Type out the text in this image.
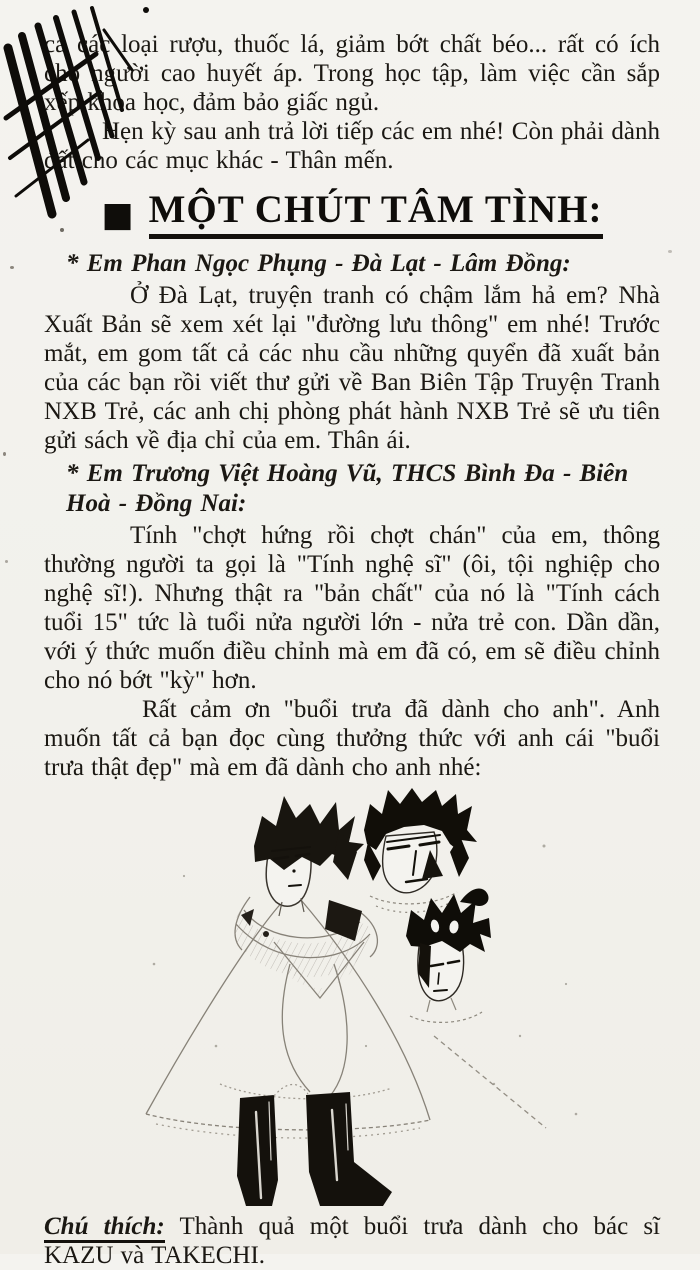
cả các loại rượu, thuốc lá, giảm bớt chất béo... rất có ích cho người cao huyết áp. Trong học tập, làm việc cần sắp xếp khoa học, đảm bảo giấc ngủ.

Hẹn kỳ sau anh trả lời tiếp các em nhé! Còn phải dành đất cho các mục khác - Thân mến.

■ MỘT CHÚT TÂM TÌNH:

* Em Phan Ngọc Phụng - Đà Lạt - Lâm Đồng:

Ở Đà Lạt, truyện tranh có chậm lắm hả em? Nhà Xuất Bản sẽ xem xét lại "đường lưu thông" em nhé! Trước mắt, em gom tất cả các nhu cầu những quyển đã xuất bản của các bạn rồi viết thư gửi về Ban Biên Tập Truyện Tranh NXB Trẻ, các anh chị phòng phát hành NXB Trẻ sẽ ưu tiên gửi sách về địa chỉ của em. Thân ái.

* Em Trương Việt Hoàng Vũ, THCS Bình Đa - Biên Hoà - Đồng Nai:

Tính "chợt hứng rồi chợt chán" của em, thông thường người ta gọi là "Tính nghệ sĩ" (ôi, tội nghiệp cho nghệ sĩ!). Nhưng thật ra "bản chất" của nó là "Tính cách tuổi 15" tức là tuổi nửa người lớn - nửa trẻ con. Dần dần, với ý thức muốn điều chỉnh mà em đã có, em sẽ điều chỉnh cho nó bớt "kỳ" hơn.

Rất cảm ơn "buổi trưa đã dành cho anh". Anh muốn tất cả bạn đọc cùng thưởng thức với anh cái "buổi trưa thật đẹp" mà em đã dành cho anh nhé:

Chú thích: Thành quả một buổi trưa dành cho bác sĩ

KAZU và TAKECHI.
